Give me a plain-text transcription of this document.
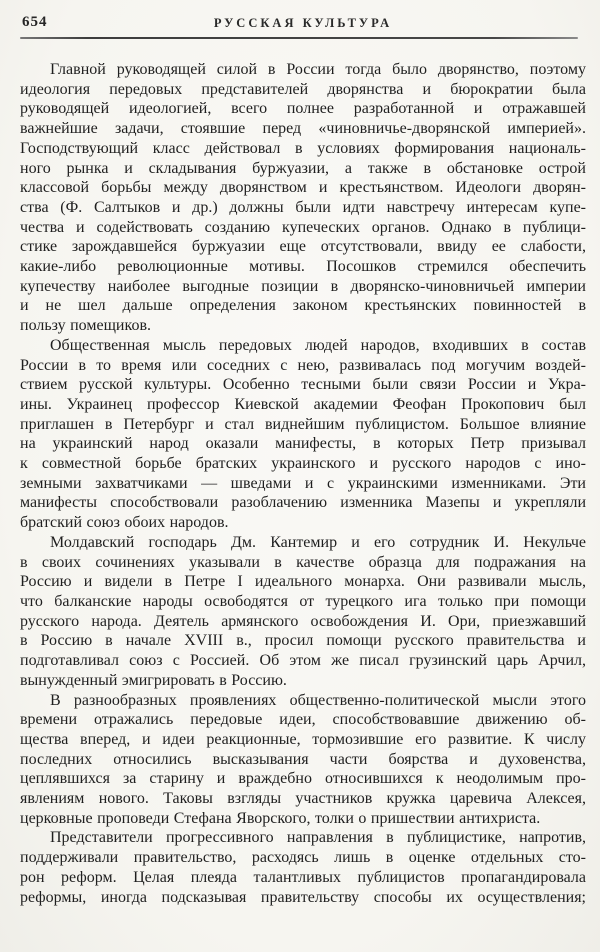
654	РУССКАЯ КУЛЬТУРА

Главной руководящей силой в России тогда было дворянство, поэтому
идеология передовых представителей дворянства и бюрократии была
руководящей идеологией, всего полнее разработанной и отражавшей
важнейшие задачи, стоявшие перед «чиновничье-дворянской империей».
Господствующий класс действовал в условиях формирования националь-
ного рынка и складывания буржуазии, а также в обстановке острой
классовой борьбы между дворянством и крестьянством. Идеологи дворян-
ства (Ф. Салтыков и др.) должны были идти навстречу интересам купе-
чества и содействовать созданию купеческих органов. Однако в публици-
стике зарождавшейся буржуазии еще отсутствовали, ввиду ее слабости,
какие-либо революционные мотивы. Посошков стремился обеспечить
купечеству наиболее выгодные позиции в дворянско-чиновничьей империи
и не шел дальше определения законом крестьянских повинностей в
пользу помещиков.

Общественная мысль передовых людей народов, входивших в состав
России в то время или соседних с нею, развивалась под могучим воздей-
ствием русской культуры. Особенно тесными были связи России и Укра-
ины. Украинец профессор Киевской академии Феофан Прокопович был
приглашен в Петербург и стал виднейшим публицистом. Большое влияние
на украинский народ оказали манифесты, в которых Петр призывал
к совместной борьбе братских украинского и русского народов с ино-
земными захватчиками — шведами и с украинскими изменниками. Эти
манифесты способствовали разоблачению изменника Мазепы и укрепляли
братский союз обоих народов.

Молдавский господарь Дм. Кантемир и его сотрудник И. Некульче
в своих сочинениях указывали в качестве образца для подражания на
Россию и видели в Петре I идеального монарха. Они развивали мысль,
что балканские народы освободятся от турецкого ига только при помощи
русского народа. Деятель армянского освобождения И. Ори, приезжавший
в Россию в начале XVIII в., просил помощи русского правительства и
подготавливал союз с Россией. Об этом же писал грузинский царь Арчил,
вынужденный эмигрировать в Россию.

В разнообразных проявлениях общественно-политической мысли этого
времени отражались передовые идеи, способствовавшие движению об-
щества вперед, и идеи реакционные, тормозившие его развитие. К числу
последних относились высказывания части боярства и духовенства,
цеплявшихся за старину и враждебно относившихся к неодолимым про-
явлениям нового. Таковы взгляды участников кружка царевича Алексея,
церковные проповеди Стефана Яворского, толки о пришествии антихриста.

Представители прогрессивного направления в публицистике, напротив,
поддерживали правительство, расходясь лишь в оценке отдельных сто-
рон реформ. Целая плеяда талантливых публицистов пропагандировала
реформы, иногда подсказывая правительству способы их осуществления;
